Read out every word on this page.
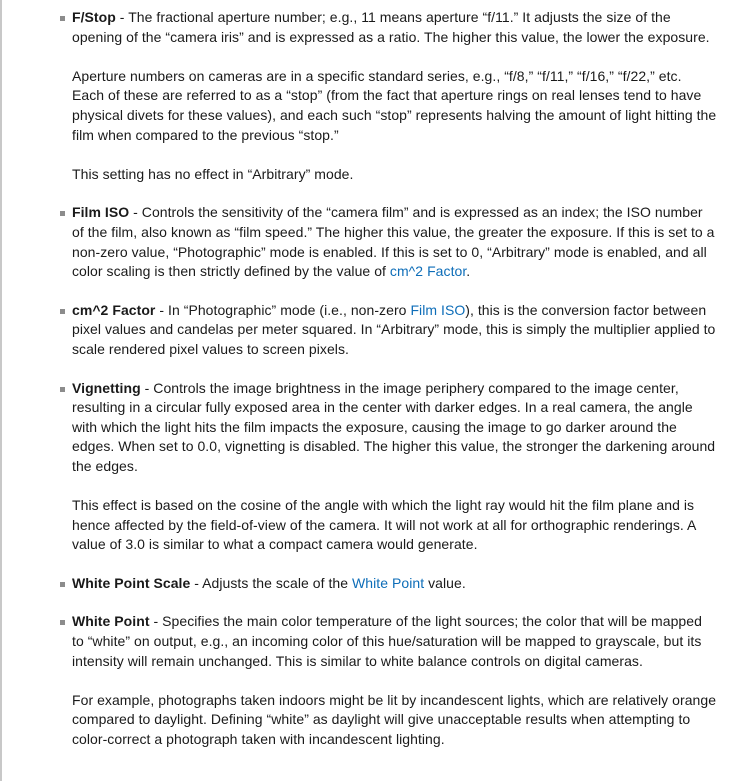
F/Stop - The fractional aperture number; e.g., 11 means aperture “f/11.” It adjusts the size of the opening of the “camera iris” and is expressed as a ratio. The higher this value, the lower the exposure.

Aperture numbers on cameras are in a specific standard series, e.g., “f/8,” “f/11,” “f/16,” “f/22,” etc. Each of these are referred to as a “stop” (from the fact that aperture rings on real lenses tend to have physical divets for these values), and each such “stop” represents halving the amount of light hitting the film when compared to the previous “stop.”

This setting has no effect in “Arbitrary” mode.

Film ISO - Controls the sensitivity of the “camera film” and is expressed as an index; the ISO number of the film, also known as “film speed.” The higher this value, the greater the exposure. If this is set to a non-zero value, “Photographic” mode is enabled. If this is set to 0, “Arbitrary” mode is enabled, and all color scaling is then strictly defined by the value of cm^2 Factor.

cm^2 Factor - In “Photographic” mode (i.e., non-zero Film ISO), this is the conversion factor between pixel values and candelas per meter squared. In “Arbitrary” mode, this is simply the multiplier applied to scale rendered pixel values to screen pixels.

Vignetting - Controls the image brightness in the image periphery compared to the image center, resulting in a circular fully exposed area in the center with darker edges. In a real camera, the angle with which the light hits the film impacts the exposure, causing the image to go darker around the edges. When set to 0.0, vignetting is disabled. The higher this value, the stronger the darkening around the edges.

This effect is based on the cosine of the angle with which the light ray would hit the film plane and is hence affected by the field-of-view of the camera. It will not work at all for orthographic renderings. A value of 3.0 is similar to what a compact camera would generate.

White Point Scale - Adjusts the scale of the White Point value.

White Point - Specifies the main color temperature of the light sources; the color that will be mapped to “white” on output, e.g., an incoming color of this hue/saturation will be mapped to grayscale, but its intensity will remain unchanged. This is similar to white balance controls on digital cameras.

For example, photographs taken indoors might be lit by incandescent lights, which are relatively orange compared to daylight. Defining “white” as daylight will give unacceptable results when attempting to color-correct a photograph taken with incandescent lighting.
